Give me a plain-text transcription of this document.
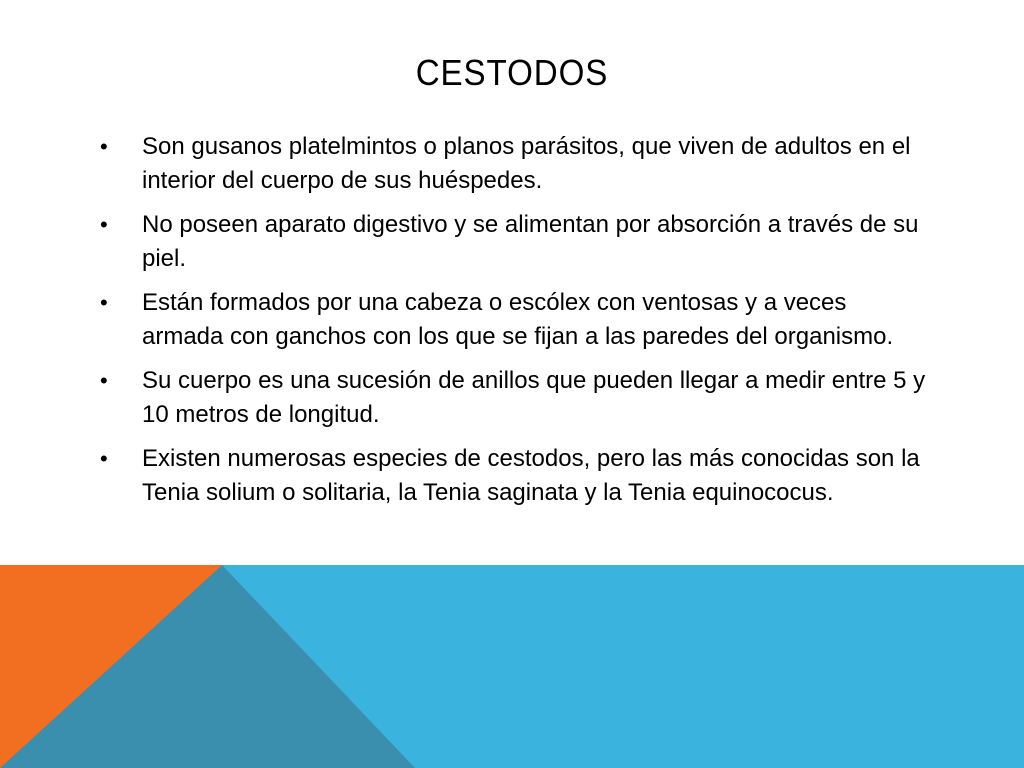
CESTODOS
• Son gusanos platelmintos o planos parásitos, que viven de adultos en el interior del cuerpo de sus huéspedes.
• No poseen aparato digestivo y se alimentan por absorción a través de su piel.
• Están formados por una cabeza o escólex con ventosas y a veces armada con ganchos con los que se fijan a las paredes del organismo.
• Su cuerpo es una sucesión de anillos que pueden llegar a medir entre 5 y 10 metros de longitud.
• Existen numerosas especies de cestodos, pero las más conocidas son la Tenia solium o solitaria, la Tenia saginata y la Tenia equinococus.
